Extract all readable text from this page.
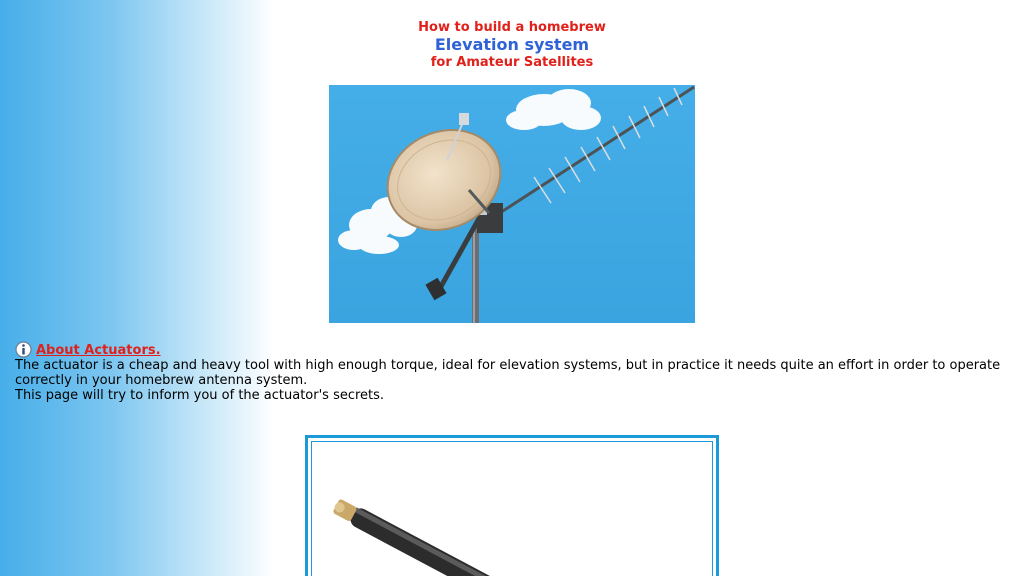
How to build a homebrew
Elevation system
for Amateur Satellites
About Actuators.

The actuator is a cheap and heavy tool with high enough torque, ideal for elevation systems, but in practice it needs quite an effort in order to operate correctly in your homebrew antenna system.

This page will try to inform you of the actuator's secrets.
